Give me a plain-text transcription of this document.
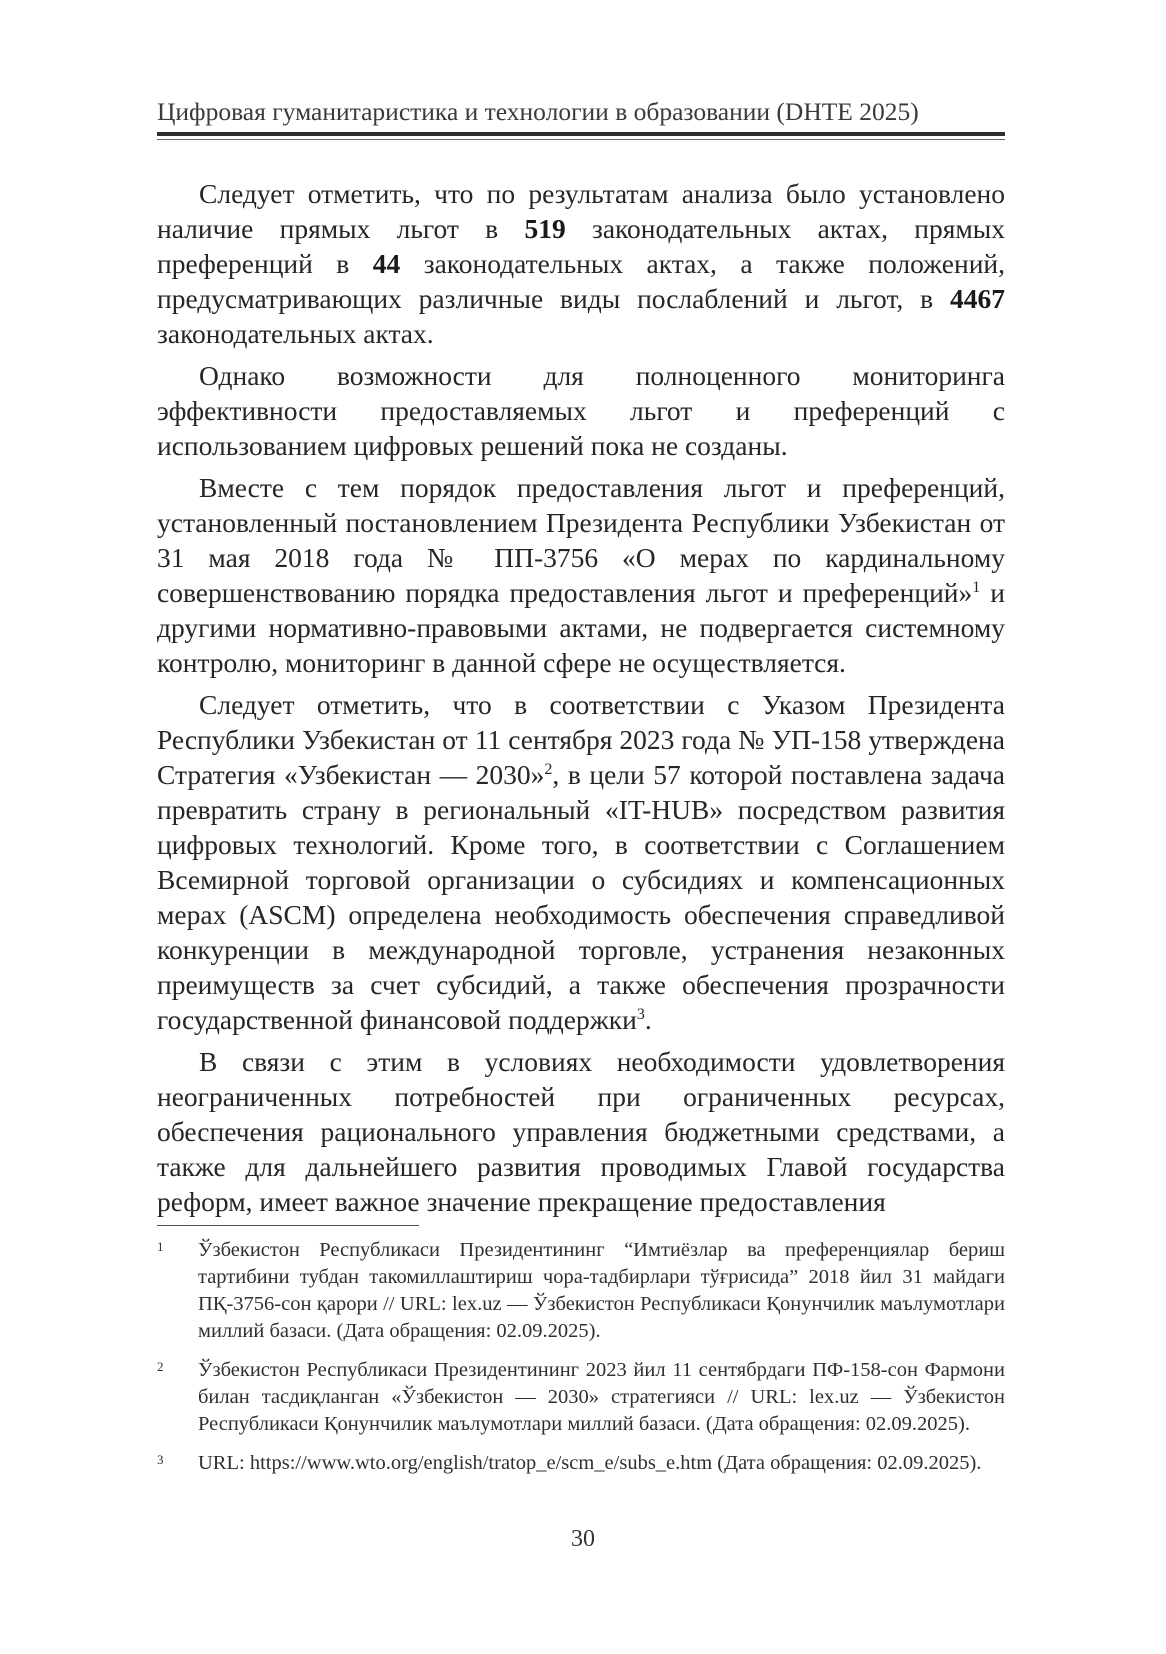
Цифровая гуманитаристика и технологии в образовании (DHTE 2025)

Следует отметить, что по результатам анализа было установлено наличие прямых льгот в 519 законодательных актах, прямых преференций в 44 законодательных актах, а также положений, предусматривающих различные виды послаблений и льгот, в 4467 законодательных актах.

Однако возможности для полноценного мониторинга эффективности предоставляемых льгот и преференций с использованием цифровых решений пока не созданы.

Вместе с тем порядок предоставления льгот и преференций, установленный постановлением Президента Республики Узбекистан от 31 мая 2018 года № ПП-3756 «О мерах по кардинальному совершенствованию порядка предоставления льгот и преференций»$^1$ и другими нормативно-правовыми актами, не подвергается системному контролю, мониторинг в данной сфере не осуществляется.

Следует отметить, что в соответствии с Указом Президента Республики Узбекистан от 11 сентября 2023 года № УП-158 утверждена Стратегия «Узбекистан — 2030»$^2$, в цели 57 которой поставлена задача превратить страну в региональный «IT-HUB» посредством развития цифровых технологий. Кроме того, в соответствии с Соглашением Всемирной торговой организации о субсидиях и компенсационных мерах (ASCM) определена необходимость обеспечения справедливой конкуренции в международной торговле, устранения незаконных преимуществ за счет субсидий, а также обеспечения прозрачности государственной финансовой поддержки$^3$.

В связи с этим в условиях необходимости удовлетворения неограниченных потребностей при ограниченных ресурсах, обеспечения рационального управления бюджетными средствами, а также для дальнейшего развития проводимых Главой государства реформ, имеет важное значение прекращение предоставления

1	Ўзбекистон Республикаси Президентининг “Имтиёзлар ва преференциялар бериш тартибини тубдан такомиллаштириш чора-тадбирлари тўғрисида” 2018 йил 31 майдаги ПҚ-3756-сон қарори // URL: lex.uz — Ўзбекистон Республикаси Қонунчилик маълумотлари миллий базаси. (Дата обращения: 02.09.2025).
2	Ўзбекистон Республикаси Президентининг 2023 йил 11 сентябрдаги ПФ-158-сон Фармони билан тасдиқланган «Ўзбекистон — 2030» стратегияси // URL: lex.uz — Ўзбекистон Республикаси Қонунчилик маълумотлари миллий базаси. (Дата обращения: 02.09.2025).
3	URL: https://www.wto.org/english/tratop_e/scm_e/subs_e.htm (Дата обращения: 02.09.2025).
30
